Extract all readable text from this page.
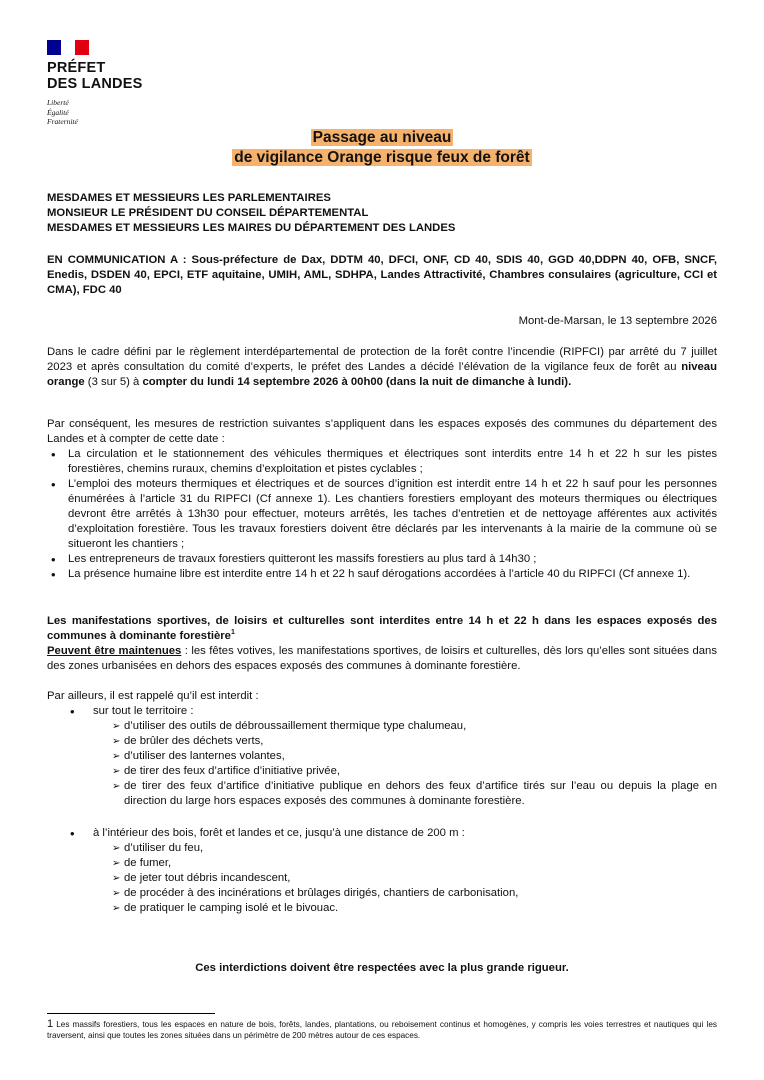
PRÉFET
DES LANDES
Liberté
Égalité
Fraternité
Passage au niveau
de vigilance Orange risque feux de forêt
MESDAMES ET MESSIEURS LES PARLEMENTAIRES
MONSIEUR LE PRÉSIDENT DU CONSEIL DÉPARTEMENTAL
MESDAMES ET MESSIEURS LES MAIRES DU DÉPARTEMENT DES LANDES
EN COMMUNICATION A : Sous-préfecture de Dax, DDTM 40, DFCI, ONF, CD 40, SDIS 40, GGD 40,DDPN 40, OFB, SNCF, Enedis, DSDEN 40, EPCI, ETF aquitaine, UMIH, AML, SDHPA, Landes Attractivité, Chambres consulaires (agriculture, CCI et CMA), FDC 40
Mont-de-Marsan, le 13 septembre 2026
Dans le cadre défini par le règlement interdépartemental de protection de la forêt contre l’incendie (RIPFCI) par arrêté du 7 juillet 2023 et après consultation du comité d’experts, le préfet des Landes a décidé l’élévation de la vigilance feux de forêt au niveau orange (3 sur 5) à compter du lundi 14 septembre 2026 à 00h00 (dans la nuit de dimanche à lundi).
Par conséquent, les mesures de restriction suivantes s’appliquent dans les espaces exposés des communes du département des Landes et à compter de cette date :
• La circulation et le stationnement des véhicules thermiques et électriques sont interdits entre 14 h et 22 h sur les pistes forestières, chemins ruraux, chemins d’exploitation et pistes cyclables ;
• L’emploi des moteurs thermiques et électriques et de sources d’ignition est interdit entre 14 h et 22 h sauf pour les personnes énumérées à l’article 31 du RIPFCI (Cf annexe 1). Les chantiers forestiers employant des moteurs thermiques ou électriques devront être arrêtés à 13h30 pour effectuer, moteurs arrêtés, les taches d’entretien et de nettoyage afférentes aux activités d’exploitation forestière. Tous les travaux forestiers doivent être déclarés par les intervenants à la mairie de la commune où se situeront les chantiers ;
• Les entrepreneurs de travaux forestiers quitteront les massifs forestiers au plus tard à 14h30 ;
• La présence humaine libre est interdite entre 14 h et 22 h sauf dérogations accordées à l’article 40 du RIPFCI (Cf annexe 1).
Les manifestations sportives, de loisirs et culturelles sont interdites entre 14 h et 22 h dans les espaces exposés des communes à dominante forestière$^1$
Peuvent être maintenues : les fêtes votives, les manifestations sportives, de loisirs et culturelles, dès lors qu’elles sont situées dans des zones urbanisées en dehors des espaces exposés des communes à dominante forestière.
Par ailleurs, il est rappelé qu’il est interdit :
• sur tout le territoire :
➢ d’utiliser des outils de débroussaillement thermique type chalumeau,
➢ de brûler des déchets verts,
➢ d’utiliser des lanternes volantes,
➢ de tirer des feux d’artifice d’initiative privée,
➢ de tirer des feux d’artifice d’initiative publique en dehors des feux d’artifice tirés sur l’eau ou depuis la plage en direction du large hors espaces exposés des communes à dominante forestière.
• à l’intérieur des bois, forêt et landes et ce, jusqu’à une distance de 200 m :
➢ d’utiliser du feu,
➢ de fumer,
➢ de jeter tout débris incandescent,
➢ de procéder à des incinérations et brûlages dirigés, chantiers de carbonisation,
➢ de pratiquer le camping isolé et le bivouac.
Ces interdictions doivent être respectées avec la plus grande rigueur.
1 Les massifs forestiers, tous les espaces en nature de bois, forêts, landes, plantations, ou reboisement continus et homogènes, y compris les voies terrestres et nautiques qui les traversent, ainsi que toutes les zones situées dans un périmètre de 200 mètres autour de ces espaces.
